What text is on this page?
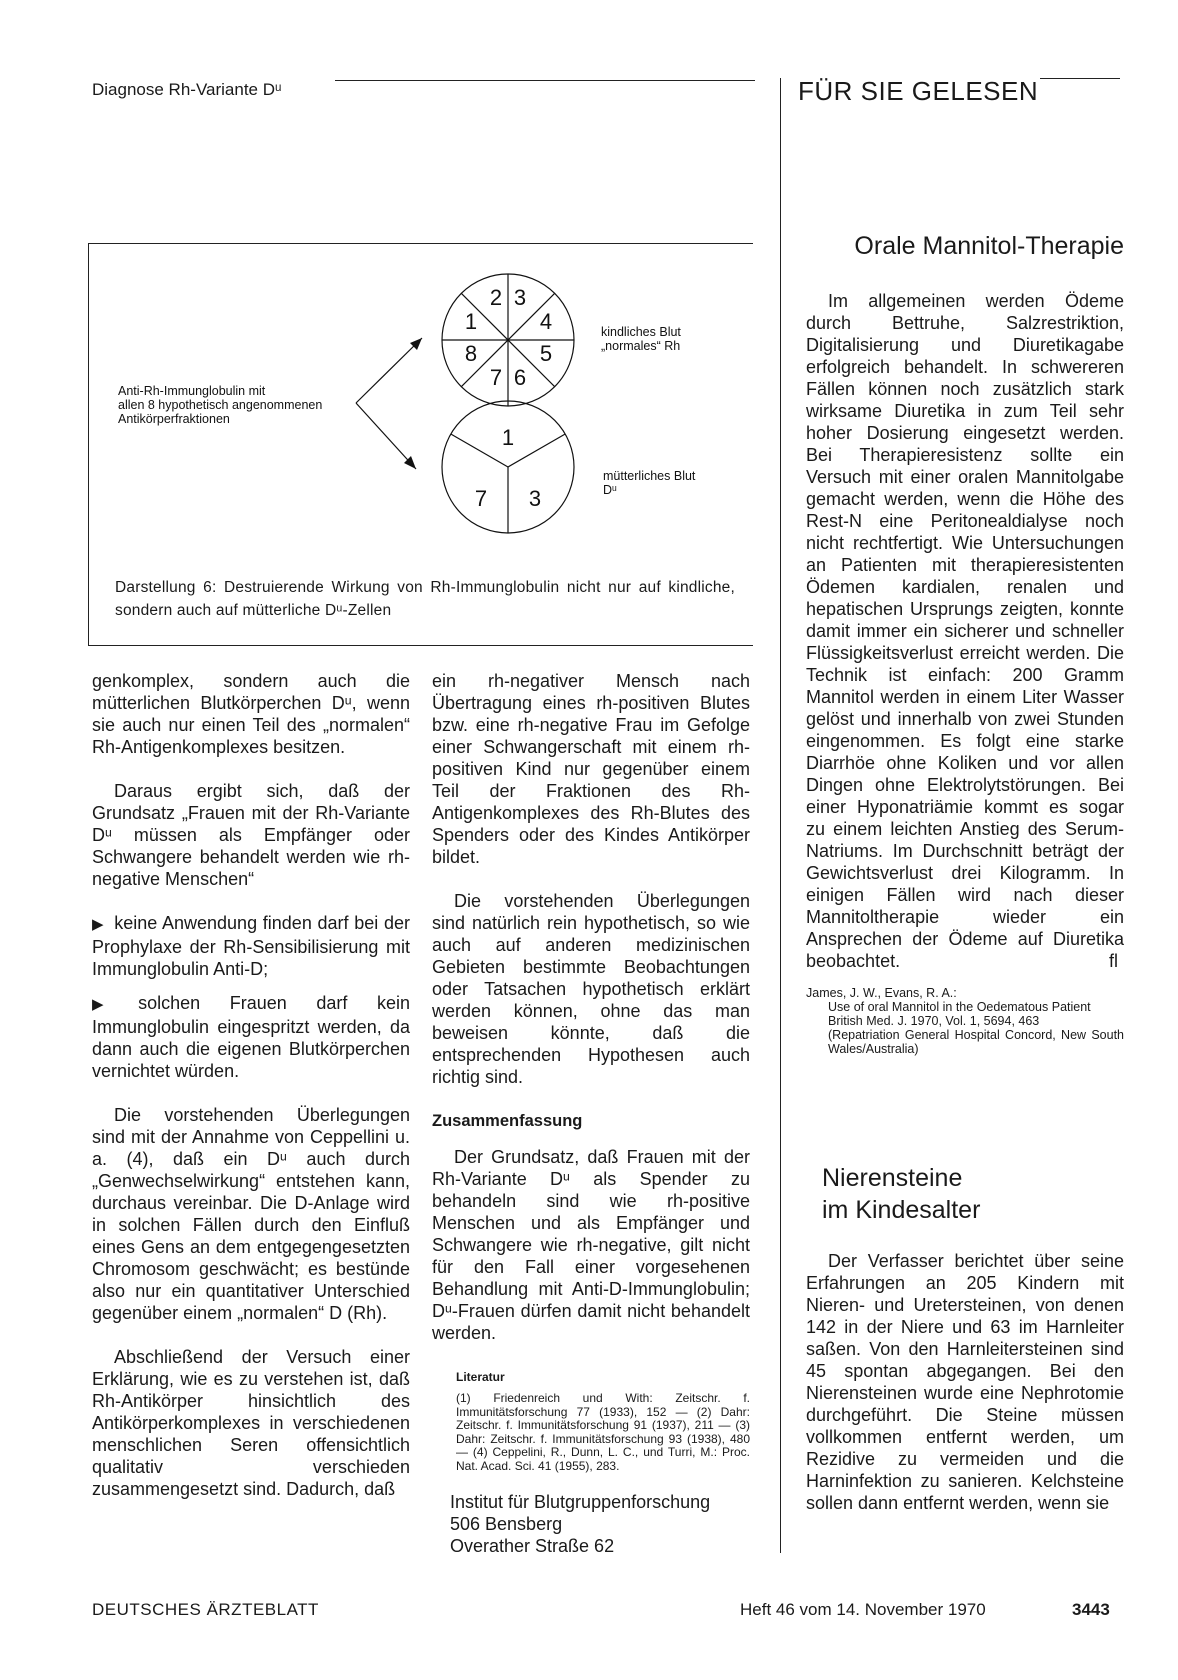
Diagnose Rh-Variante Dᵘ	FÜR SIE GELESEN
Anti-Rh-Immunglobulin mit
allen 8 hypothetisch angenommenen
Antikörperfraktionen
2 3
1	4
8	5
7 6
kindliches Blut
„normales“ Rh
1
7 3
mütterliches Blut
Dᵘ
Darstellung 6: Destruierende Wirkung von Rh-Immunglobulin nicht nur auf kindliche, sondern auch auf mütterliche Dᵘ-Zellen

genkomplex, sondern auch die mütterlichen Blutkörperchen Dᵘ, wenn sie auch nur einen Teil des „normalen“ Rh-Antigenkomplexes besitzen.

Daraus ergibt sich, daß der Grundsatz „Frauen mit der Rh-Variante Dᵘ müssen als Empfänger oder Schwangere behandelt werden wie rh-negative Menschen“

▶ keine Anwendung finden darf bei der Prophylaxe der Rh-Sensibilisierung mit Immunglobulin Anti-D;

▶ solchen Frauen darf kein Immunglobulin eingespritzt werden, da dann auch die eigenen Blutkörperchen vernichtet würden.

Die vorstehenden Überlegungen sind mit der Annahme von Ceppellini u. a. (4), daß ein Dᵘ auch durch „Genwechselwirkung“ entstehen kann, durchaus vereinbar. Die D-Anlage wird in solchen Fällen durch den Einfluß eines Gens an dem entgegengesetzten Chromosom geschwächt; es bestünde also nur ein quantitativer Unterschied gegenüber einem „normalen“ D (Rh).

Abschließend der Versuch einer Erklärung, wie es zu verstehen ist, daß Rh-Antikörper hinsichtlich des Antikörperkomplexes in verschiedenen menschlichen Seren offensichtlich qualitativ verschieden zusammengesetzt sind. Dadurch, daß

ein rh-negativer Mensch nach Übertragung eines rh-positiven Blutes bzw. eine rh-negative Frau im Gefolge einer Schwangerschaft mit einem rh-positiven Kind nur gegenüber einem Teil der Fraktionen des Rh-Antigenkomplexes des Rh-Blutes des Spenders oder des Kindes Antikörper bildet.

Die vorstehenden Überlegungen sind natürlich rein hypothetisch, so wie auch auf anderen medizinischen Gebieten bestimmte Beobachtungen oder Tatsachen hypothetisch erklärt werden können, ohne das man beweisen könnte, daß die entsprechenden Hypothesen auch richtig sind.

Zusammenfassung

Der Grundsatz, daß Frauen mit der Rh-Variante Dᵘ als Spender zu behandeln sind wie rh-positive Menschen und als Empfänger und Schwangere wie rh-negative, gilt nicht für den Fall einer vorgesehenen Behandlung mit Anti-D-Immunglobulin; Dᵘ-Frauen dürfen damit nicht behandelt werden.

Literatur

(1) Friedenreich und With: Zeitschr. f. Immunitätsforschung 77 (1933), 152 — (2) Dahr: Zeitschr. f. Immunitätsforschung 91 (1937), 211 — (3) Dahr: Zeitschr. f. Immunitätsforschung 93 (1938), 480 — (4) Ceppelini, R., Dunn, L. C., und Turri, M.: Proc. Nat. Acad. Sci. 41 (1955), 283.

Institut für Blutgruppenforschung
506 Bensberg
Overather Straße 62
Orale Mannitol-Therapie

Im allgemeinen werden Ödeme durch Bettruhe, Salzrestriktion, Digitalisierung und Diuretikagabe erfolgreich behandelt. In schwereren Fällen können noch zusätzlich stark wirksame Diuretika in zum Teil sehr hoher Dosierung eingesetzt werden. Bei Therapieresistenz sollte ein Versuch mit einer oralen Mannitolgabe gemacht werden, wenn die Höhe des Rest-N eine Peritonealdialyse noch nicht rechtfertigt. Wie Untersuchungen an Patienten mit therapieresistenten Ödemen kardialen, renalen und hepatischen Ursprungs zeigten, konnte damit immer ein sicherer und schneller Flüssigkeitsverlust erreicht werden. Die Technik ist einfach: 200 Gramm Mannitol werden in einem Liter Wasser gelöst und innerhalb von zwei Stunden eingenommen. Es folgt eine starke Diarrhöe ohne Koliken und vor allen Dingen ohne Elektrolytstörungen. Bei einer Hyponatriämie kommt es sogar zu einem leichten Anstieg des Serum-Natriums. Im Durchschnitt beträgt der Gewichtsverlust drei Kilogramm. In einigen Fällen wird nach dieser Mannitoltherapie wieder ein Ansprechen der Ödeme auf Diuretika beobachtet.	fl

James, J. W., Evans, R. A.:
Use of oral Mannitol in the Oedematous Patient
British Med. J. 1970, Vol. 1, 5694, 463
(Repatriation General Hospital Concord, New South Wales/Australia)
Nierensteine
im Kindesalter

Der Verfasser berichtet über seine Erfahrungen an 205 Kindern mit Nieren- und Uretersteinen, von denen 142 in der Niere und 63 im Harnleiter saßen. Von den Harnleitersteinen sind 45 spontan abgegangen. Bei den Nierensteinen wurde eine Nephrotomie durchgeführt. Die Steine müssen vollkommen entfernt werden, um Rezidive zu vermeiden und die Harninfektion zu sanieren. Kelchsteine sollen dann entfernt werden, wenn sie

DEUTSCHES ÄRZTEBLATT	Heft 46 vom 14. November 1970	3443
